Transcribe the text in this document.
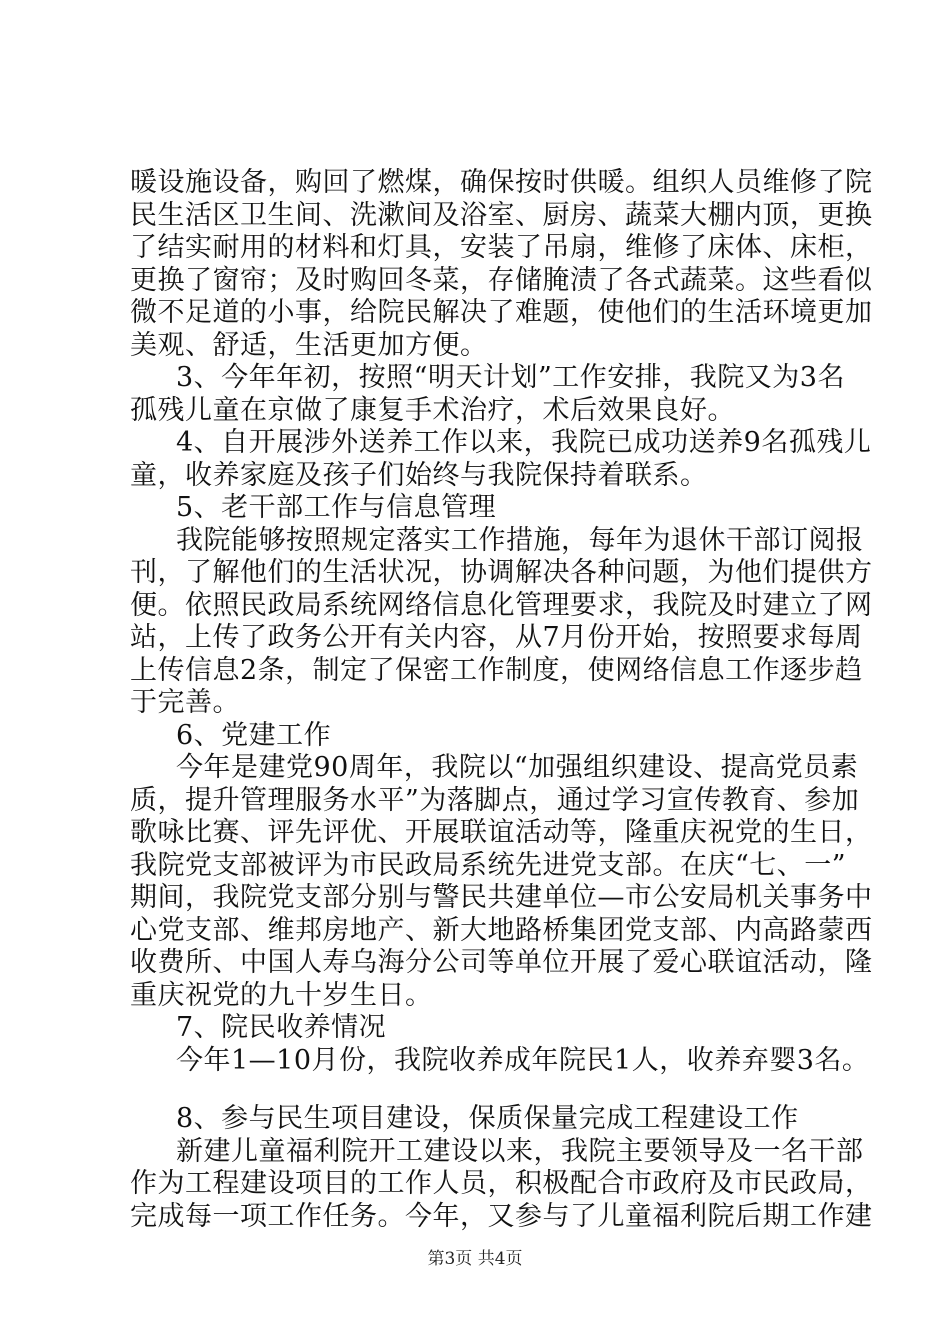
暖设施设备，购回了燃煤，确保按时供暖。组织人员维修了院
民生活区卫生间、洗漱间及浴室、厨房、蔬菜大棚内顶，更换
了结实耐用的材料和灯具，安装了吊扇，维修了床体、床柜，
更换了窗帘；及时购回冬菜，存储腌渍了各式蔬菜。这些看似
微不足道的小事，给院民解决了难题，使他们的生活环境更加
美观、舒适，生活更加方便。
3、今年年初，按照“明天计划”工作安排，我院又为3名
孤残儿童在京做了康复手术治疗，术后效果良好。
4、自开展涉外送养工作以来，我院已成功送养9名孤残儿
童，收养家庭及孩子们始终与我院保持着联系。
5、老干部工作与信息管理
我院能够按照规定落实工作措施，每年为退休干部订阅报
刊，了解他们的生活状况，协调解决各种问题，为他们提供方
便。依照民政局系统网络信息化管理要求，我院及时建立了网
站，上传了政务公开有关内容，从7月份开始，按照要求每周
上传信息2条，制定了保密工作制度，使网络信息工作逐步趋
于完善。
6、党建工作
今年是建党90周年，我院以“加强组织建设、提高党员素
质，提升管理服务水平”为落脚点，通过学习宣传教育、参加
歌咏比赛、评先评优、开展联谊活动等，隆重庆祝党的生日，
我院党支部被评为市民政局系统先进党支部。在庆“七、一”
期间，我院党支部分别与警民共建单位—市公安局机关事务中
心党支部、维邦房地产、新大地路桥集团党支部、内高路蒙西
收费所、中国人寿乌海分公司等单位开展了爱心联谊活动，隆
重庆祝党的九十岁生日。
7、院民收养情况
今年1—10月份，我院收养成年院民1人，收养弃婴3名。
8、参与民生项目建设，保质保量完成工程建设工作
新建儿童福利院开工建设以来，我院主要领导及一名干部
作为工程建设项目的工作人员，积极配合市政府及市民政局，
完成每一项工作任务。今年，又参与了儿童福利院后期工作建
第3页 共4页
